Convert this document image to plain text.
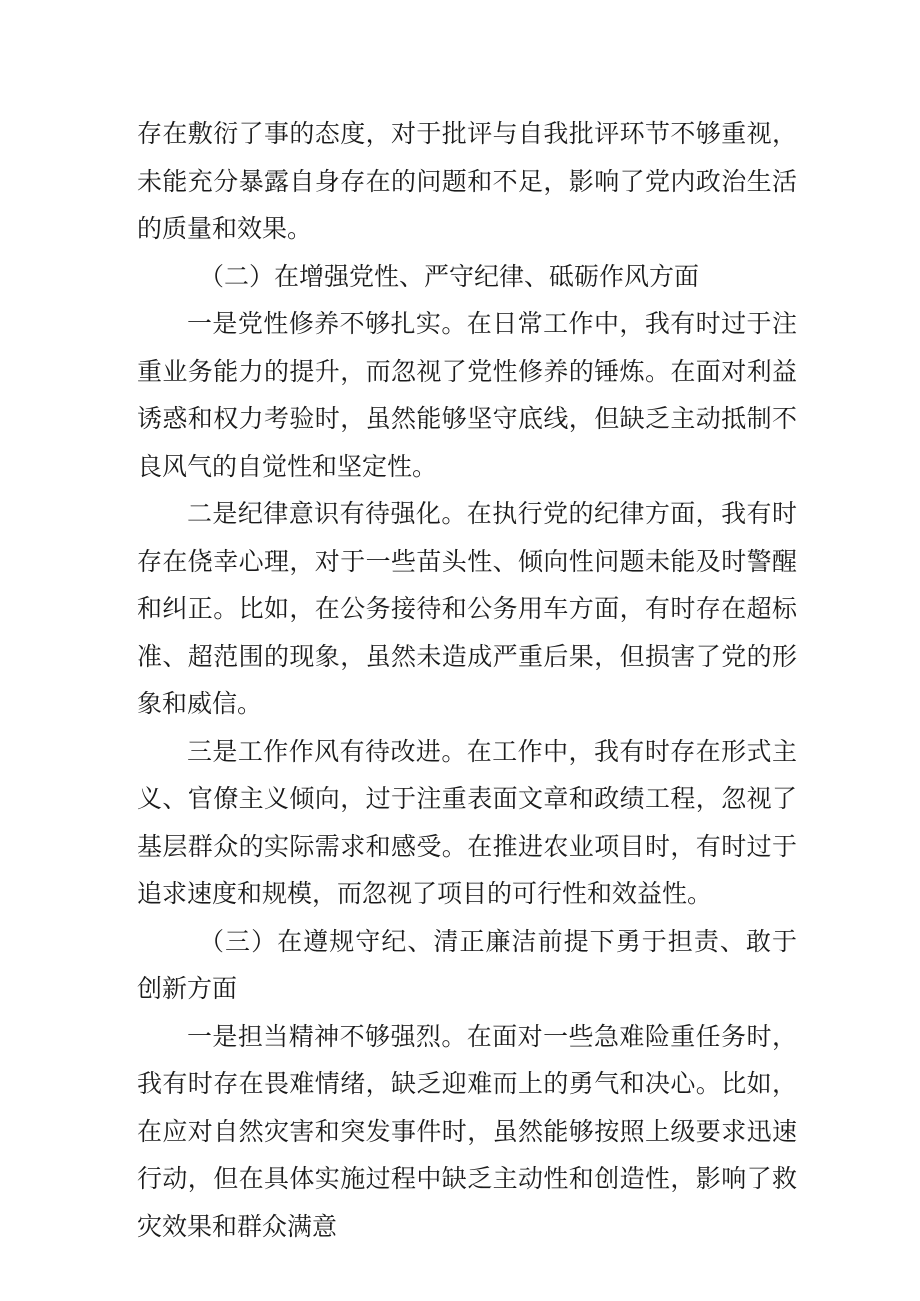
存在敷衍了事的态度，对于批评与自我批评环节不够重视，未能充分暴露自身存在的问题和不足，影响了党内政治生活的质量和效果。

（二）在增强党性、严守纪律、砥砺作风方面

一是党性修养不够扎实。在日常工作中，我有时过于注重业务能力的提升，而忽视了党性修养的锤炼。在面对利益诱惑和权力考验时，虽然能够坚守底线，但缺乏主动抵制不良风气的自觉性和坚定性。

二是纪律意识有待强化。在执行党的纪律方面，我有时存在侥幸心理，对于一些苗头性、倾向性问题未能及时警醒和纠正。比如，在公务接待和公务用车方面，有时存在超标准、超范围的现象，虽然未造成严重后果，但损害了党的形象和威信。

三是工作作风有待改进。在工作中，我有时存在形式主义、官僚主义倾向，过于注重表面文章和政绩工程，忽视了基层群众的实际需求和感受。在推进农业项目时，有时过于追求速度和规模，而忽视了项目的可行性和效益性。

（三）在遵规守纪、清正廉洁前提下勇于担责、敢于创新方面

一是担当精神不够强烈。在面对一些急难险重任务时，我有时存在畏难情绪，缺乏迎难而上的勇气和决心。比如，在应对自然灾害和突发事件时，虽然能够按照上级要求迅速行动，但在具体实施过程中缺乏主动性和创造性，影响了救灾效果和群众满意
